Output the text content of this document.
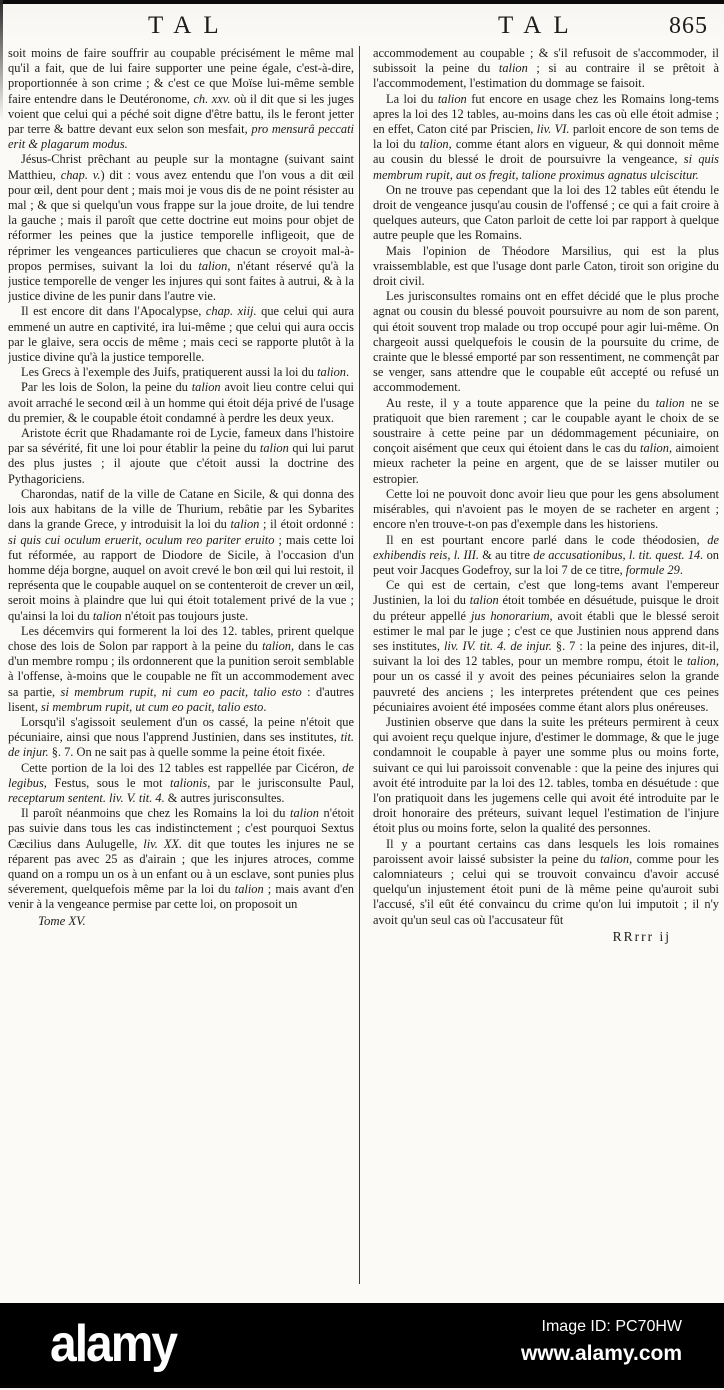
TAL	TAL	865

soit moins de faire souffrir au coupable précisément le même mal qu'il a fait, que de lui faire supporter une peine égale, c'est-à-dire, proportionnée à son crime ; & c'est ce que Moïse lui-même semble faire entendre dans le Deutéronome, ch. xxv. où il dit que si les juges voient que celui qui a péché soit digne d'être battu, ils le feront jetter par terre & battre devant eux selon son mesfait, pro mensurâ peccati erit & plagarum modus.

Jésus-Christ prêchant au peuple sur la montagne (suivant saint Matthieu, chap. v.) dit : vous avez entendu que l'on vous a dit œil pour œil, dent pour dent ; mais moi je vous dis de ne point résister au mal ; & que si quelqu'un vous frappe sur la joue droite, de lui tendre la gauche ; mais il paroît que cette doctrine eut moins pour objet de réformer les peines que la justice temporelle infligeoit, que de réprimer les vengeances particulieres que chacun se croyoit mal-à-propos permises, suivant la loi du talion, n'étant réservé qu'à la justice temporelle de venger les injures qui sont faites à autrui, & à la justice divine de les punir dans l'autre vie.

Il est encore dit dans l'Apocalypse, chap. xiij. que celui qui aura emmené un autre en captivité, ira lui-même ; que celui qui aura occis par le glaive, sera occis de même ; mais ceci se rapporte plutôt à la justice divine qu'à la justice temporelle.

Les Grecs à l'exemple des Juifs, pratiquerent aussi la loi du talion.

Par les lois de Solon, la peine du talion avoit lieu contre celui qui avoit arraché le second œil à un homme qui étoit déja privé de l'usage du premier, & le coupable étoit condamné à perdre les deux yeux.

Aristote écrit que Rhadamante roi de Lycie, fameux dans l'histoire par sa sévérité, fit une loi pour établir la peine du talion qui lui parut des plus justes ; il ajoute que c'étoit aussi la doctrine des Pythagoriciens.

Charondas, natif de la ville de Catane en Sicile, & qui donna des lois aux habitans de la ville de Thurium, rebâtie par les Sybarites dans la grande Grece, y introduisit la loi du talion ; il étoit ordonné : si quis cui oculum eruerit, oculum reo pariter eruito ; mais cette loi fut réformée, au rapport de Diodore de Sicile, à l'occasion d'un homme déja borgne, auquel on avoit crevé le bon œil qui lui restoit, il représenta que le coupable auquel on se contenteroit de crever un œil, seroit moins à plaindre que lui qui étoit totalement privé de la vue ; qu'ainsi la loi du talion n'étoit pas toujours juste.

Les décemvirs qui formerent la loi des 12. tables, prirent quelque chose des lois de Solon par rapport à la peine du talion, dans le cas d'un membre rompu ; ils ordonnerent que la punition seroit semblable à l'offense, à-moins que le coupable ne fît un accommodement avec sa partie, si membrum rupit, ni cum eo pacit, talio esto : d'autres lisent, si membrum rupit, ut cum eo pacit, talio esto.

Lorsqu'il s'agissoit seulement d'un os cassé, la peine n'étoit que pécuniaire, ainsi que nous l'apprend Justinien, dans ses institutes, tit. de injur. §. 7. On ne sait pas à quelle somme la peine étoit fixée.

Cette portion de la loi des 12 tables est rappellée par Cicéron, de legibus, Festus, sous le mot talionis, par le jurisconsulte Paul, receptarum sentent. liv. V. tit. 4. & autres jurisconsultes.

Il paroît néanmoins que chez les Romains la loi du talion n'étoit pas suivie dans tous les cas indistinctement ; c'est pourquoi Sextus Cæcilius dans Aulugelle, liv. XX. dit que toutes les injures ne se réparent pas avec 25 as d'airain ; que les injures atroces, comme quand on a rompu un os à un enfant ou à un esclave, sont punies plus séverement, quelquefois même par la loi du talion ; mais avant d'en venir à la vengeance permise par cette loi, on proposoit un

Tome XV.

accommodement au coupable ; & s'il refusoit de s'accommoder, il subissoit la peine du talion ; si au contraire il se prêtoit à l'accommodement, l'estimation du dommage se faisoit.

La loi du talion fut encore en usage chez les Romains long-tems apres la loi des 12 tables, au-moins dans les cas où elle étoit admise ; en effet, Caton cité par Priscien, liv. VI. parloit encore de son tems de la loi du talion, comme étant alors en vigueur, & qui donnoit même au cousin du blessé le droit de poursuivre la vengeance, si quis membrum rupit, aut os fregit, talione proximus agnatus ulciscitur.

On ne trouve pas cependant que la loi des 12 tables eût étendu le droit de vengeance jusqu'au cousin de l'offensé ; ce qui a fait croire à quelques auteurs, que Caton parloit de cette loi par rapport à quelque autre peuple que les Romains.

Mais l'opinion de Théodore Marsilius, qui est la plus vraissemblable, est que l'usage dont parle Caton, tiroit son origine du droit civil.

Les jurisconsultes romains ont en effet décidé que le plus proche agnat ou cousin du blessé pouvoit poursuivre au nom de son parent, qui étoit souvent trop malade ou trop occupé pour agir lui-même. On chargeoit aussi quelquefois le cousin de la poursuite du crime, de crainte que le blessé emporté par son ressentiment, ne commençât par se venger, sans attendre que le coupable eût accepté ou refusé un accommodement.

Au reste, il y a toute apparence que la peine du talion ne se pratiquoit que bien rarement ; car le coupable ayant le choix de se soustraire à cette peine par un dédommagement pécuniaire, on conçoit aisément que ceux qui étoient dans le cas du talion, aimoient mieux racheter la peine en argent, que de se laisser mutiler ou estropier.

Cette loi ne pouvoit donc avoir lieu que pour les gens absolument misérables, qui n'avoient pas le moyen de se racheter en argent ; encore n'en trouve-t-on pas d'exemple dans les historiens.

Il en est pourtant encore parlé dans le code théodosien, de exhibendis reis, l. III. & au titre de accusationibus, l. tit. quest. 14. on peut voir Jacques Godefroy, sur la loi 7 de ce titre, formule 29.

Ce qui est de certain, c'est que long-tems avant l'empereur Justinien, la loi du talion étoit tombée en désuétude, puisque le droit du préteur appellé jus honorarium, avoit établi que le blessé seroit estimer le mal par le juge ; c'est ce que Justinien nous apprend dans ses institutes, liv. IV. tit. 4. de injur. §. 7 : la peine des injures, dit-il, suivant la loi des 12 tables, pour un membre rompu, étoit le talion, pour un os cassé il y avoit des peines pécuniaires selon la grande pauvreté des anciens ; les interpretes prétendent que ces peines pécuniaires avoient été imposées comme étant alors plus onéreuses.

Justinien observe que dans la suite les préteurs permirent à ceux qui avoient reçu quelque injure, d'estimer le dommage, & que le juge condamnoit le coupable à payer une somme plus ou moins forte, suivant ce qui lui paroissoit convenable : que la peine des injures qui avoit été introduite par la loi des 12. tables, tomba en désuétude : que l'on pratiquoit dans les jugemens celle qui avoit été introduite par le droit honoraire des préteurs, suivant lequel l'estimation de l'injure étoit plus ou moins forte, selon la qualité des personnes.

Il y a pourtant certains cas dans lesquels les lois romaines paroissent avoir laissé subsister la peine du talion, comme pour les calomniateurs ; celui qui se trouvoit convaincu d'avoir accusé quelqu'un injustement étoit puni de là même peine qu'auroit subi l'accusé, s'il eût été convaincu du crime qu'on lui imputoit ; il n'y avoit qu'un seul cas où l'accusateur fût

RRrrr ij
alamy	Image ID: PC70HW
www.alamy.com
